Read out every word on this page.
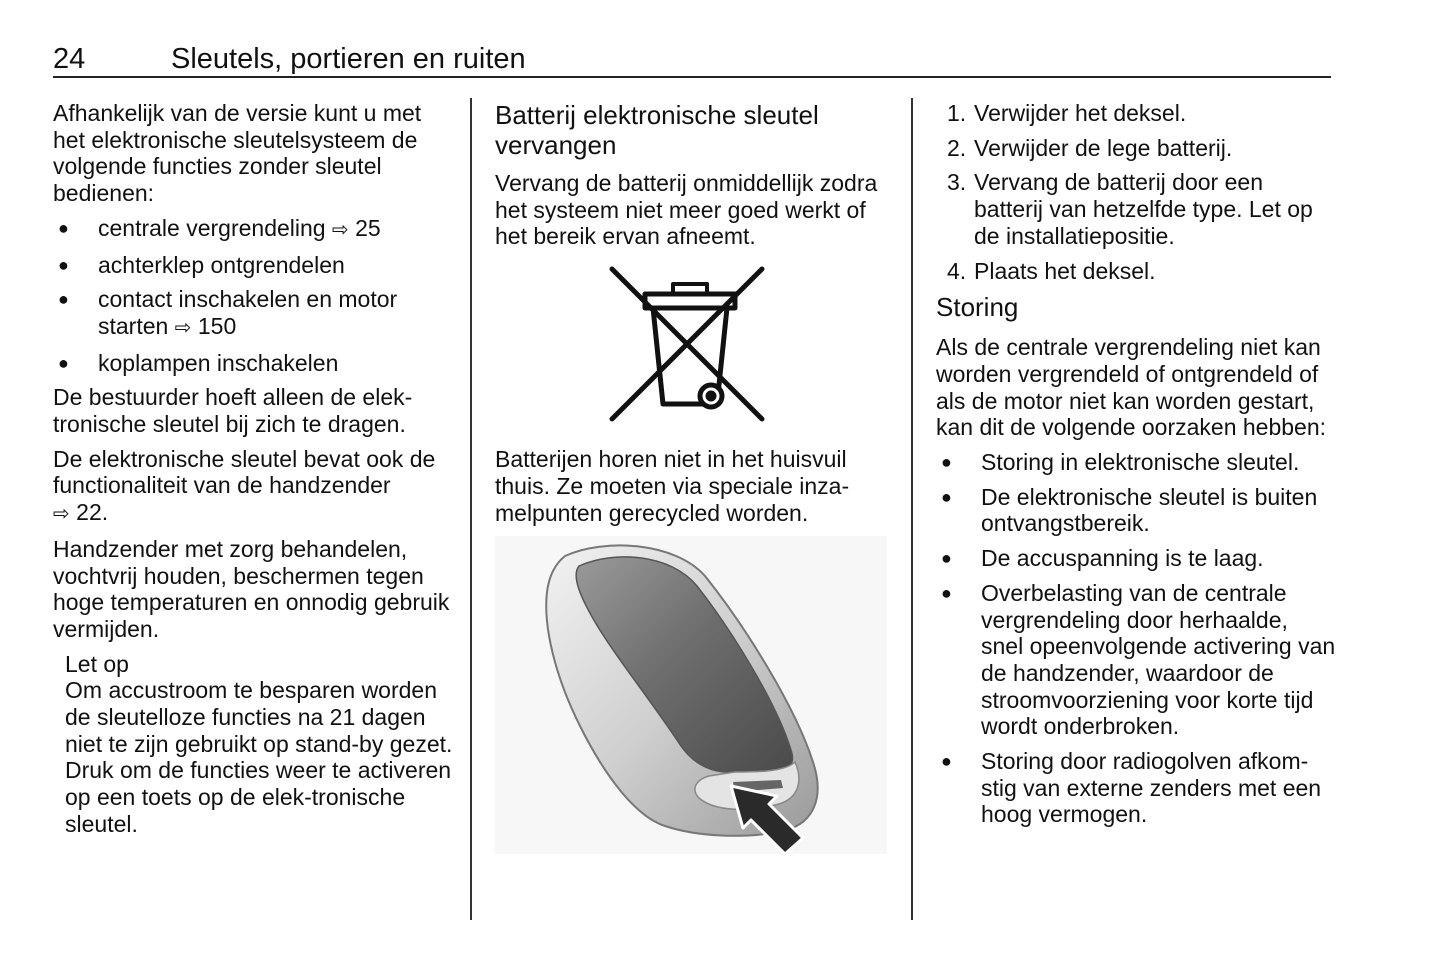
24	Sleutels, portieren en ruiten

Afhankelijk van de versie kunt u met het elektronische sleutelsysteem de volgende functies zonder sleutel bedienen:

● centrale vergrendeling ⇨ 25
● achterklep ontgrendelen
● contact inschakelen en motor starten ⇨ 150
● koplampen inschakelen

De bestuurder hoeft alleen de elek-tronische sleutel bij zich te dragen.

De elektronische sleutel bevat ook de functionaliteit van de handzender
⇨ 22.

Handzender met zorg behandelen, vochtvrij houden, beschermen tegen hoge temperaturen en onnodig gebruik vermijden.

Let op

Om accustroom te besparen worden de sleutelloze functies na 21 dagen niet te zijn gebruikt op stand-by gezet. Druk om de functies weer te activeren op een toets op de elek-tronische sleutel.

Batterij elektronische sleutel vervangen

Vervang de batterij onmiddellijk zodra het systeem niet meer goed werkt of het bereik ervan afneemt.

Batterijen horen niet in het huisvuil thuis. Ze moeten via speciale inza-melpunten gerecycled worden.

1. Verwijder het deksel.
2. Verwijder de lege batterij.
3. Vervang de batterij door een batterij van hetzelfde type. Let op de installatiepositie.
4. Plaats het deksel.
Storing

Als de centrale vergrendeling niet kan worden vergrendeld of ontgrendeld of als de motor niet kan worden gestart, kan dit de volgende oorzaken hebben:

● Storing in elektronische sleutel.
● De elektronische sleutel is buiten ontvangstbereik.
● De accuspanning is te laag.
● Overbelasting van de centrale vergrendeling door herhaalde, snel opeenvolgende activering van de handzender, waardoor de stroomvoorziening voor korte tijd wordt onderbroken.
● Storing door radiogolven afkom-stig van externe zenders met een hoog vermogen.
